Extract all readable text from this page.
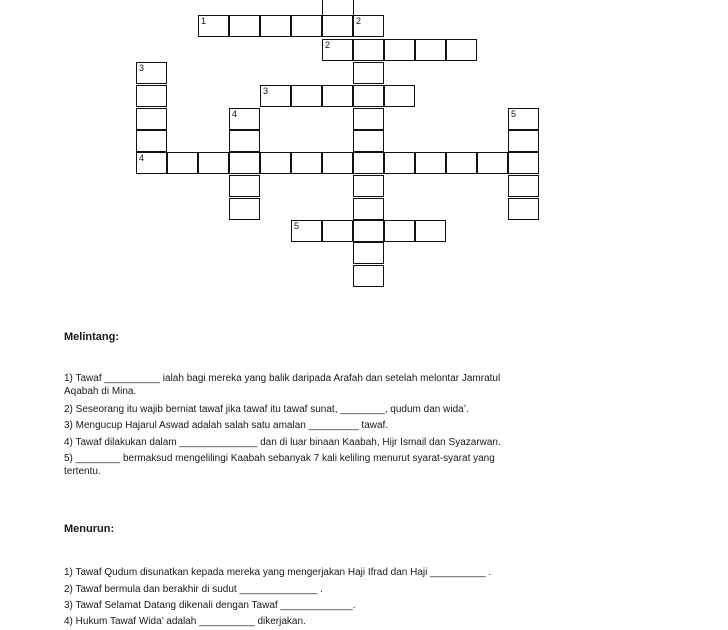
1	2
2
3
3
4	5
4
5
Melintang:
1) Tawaf __________ ialah bagi mereka yang balik daripada Arafah dan setelah melontar Jamratul
Aqabah di Mina.
2) Seseorang itu wajib berniat tawaf jika tawaf itu tawaf sunat, ________, qudum dan wida’.
3) Mengucup Hajarul Aswad adalah salah satu amalan _________ tawaf.
4) Tawaf dilakukan dalam ______________ dan di luar binaan Kaabah, Hijr Ismail dan Syazarwan.
5) ________ bermaksud mengelilingi Kaabah sebanyak 7 kali keliling menurut syarat-syarat yang
tertentu.
Menurun:
1) Tawaf Qudum disunatkan kepada mereka yang mengerjakan Haji Ifrad dan Haji __________ .
2) Tawaf bermula dan berakhir di sudut ______________ .
3) Tawaf Selamat Datang dikenali dengan Tawaf _____________.
4) Hukum Tawaf Wida’ adalah __________ dikerjakan.
